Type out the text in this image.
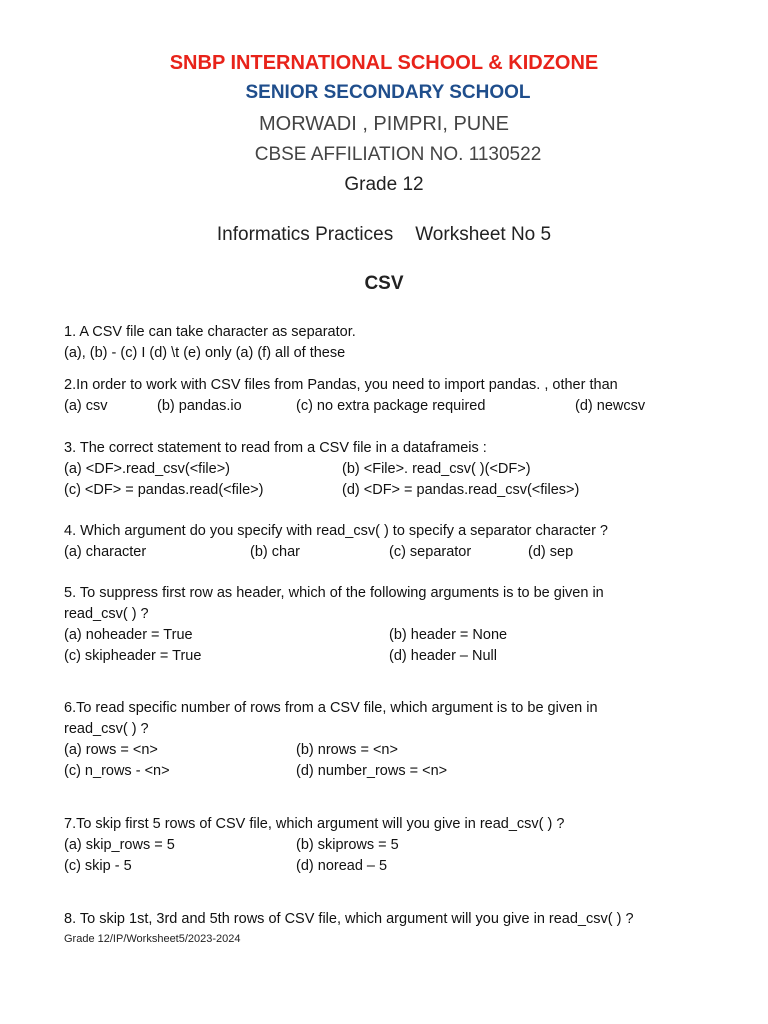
SNBP INTERNATIONAL SCHOOL & KIDZONE
SENIOR SECONDARY SCHOOL
MORWADI , PIMPRI, PUNE
CBSE AFFILIATION NO. 1130522
Grade 12
Informatics Practices Worksheet No 5
CSV
1. A CSV file can take character as separator.
(a), (b) - (c) I (d) \t (e) only (a) (f) all of these
2.In order to work with CSV files from Pandas, you need to import pandas. , other than
(a) csv	(b) pandas.io	(c) no extra package required	(d) newcsv
3. The correct statement to read from a CSV file in a dataframeis :
(a) <DF>.read_csv(<file>)	(b) <File>. read_csv( )(<DF>)
(c) <DF> = pandas.read(<file>)	(d) <DF> = pandas.read_csv(<files>)
4. Which argument do you specify with read_csv( ) to specify a separator character ?
(a) character	(b) char	(c) separator	(d) sep
5. To suppress first row as header, which of the following arguments is to be given in
read_csv( ) ?
(a) noheader = True	(b) header = None
(c) skipheader = True	(d) header – Null
6.To read specific number of rows from a CSV file, which argument is to be given in
read_csv( ) ?
(a) rows = <n>	(b) nrows = <n>
(c) n_rows - <n>	(d) number_rows = <n>
7.To skip first 5 rows of CSV file, which argument will you give in read_csv( ) ?
(a) skip_rows = 5	(b) skiprows = 5
(c) skip - 5	(d) noread – 5
8. To skip 1st, 3rd and 5th rows of CSV file, which argument will you give in read_csv( ) ?
Grade 12/IP/Worksheet5/2023-2024
